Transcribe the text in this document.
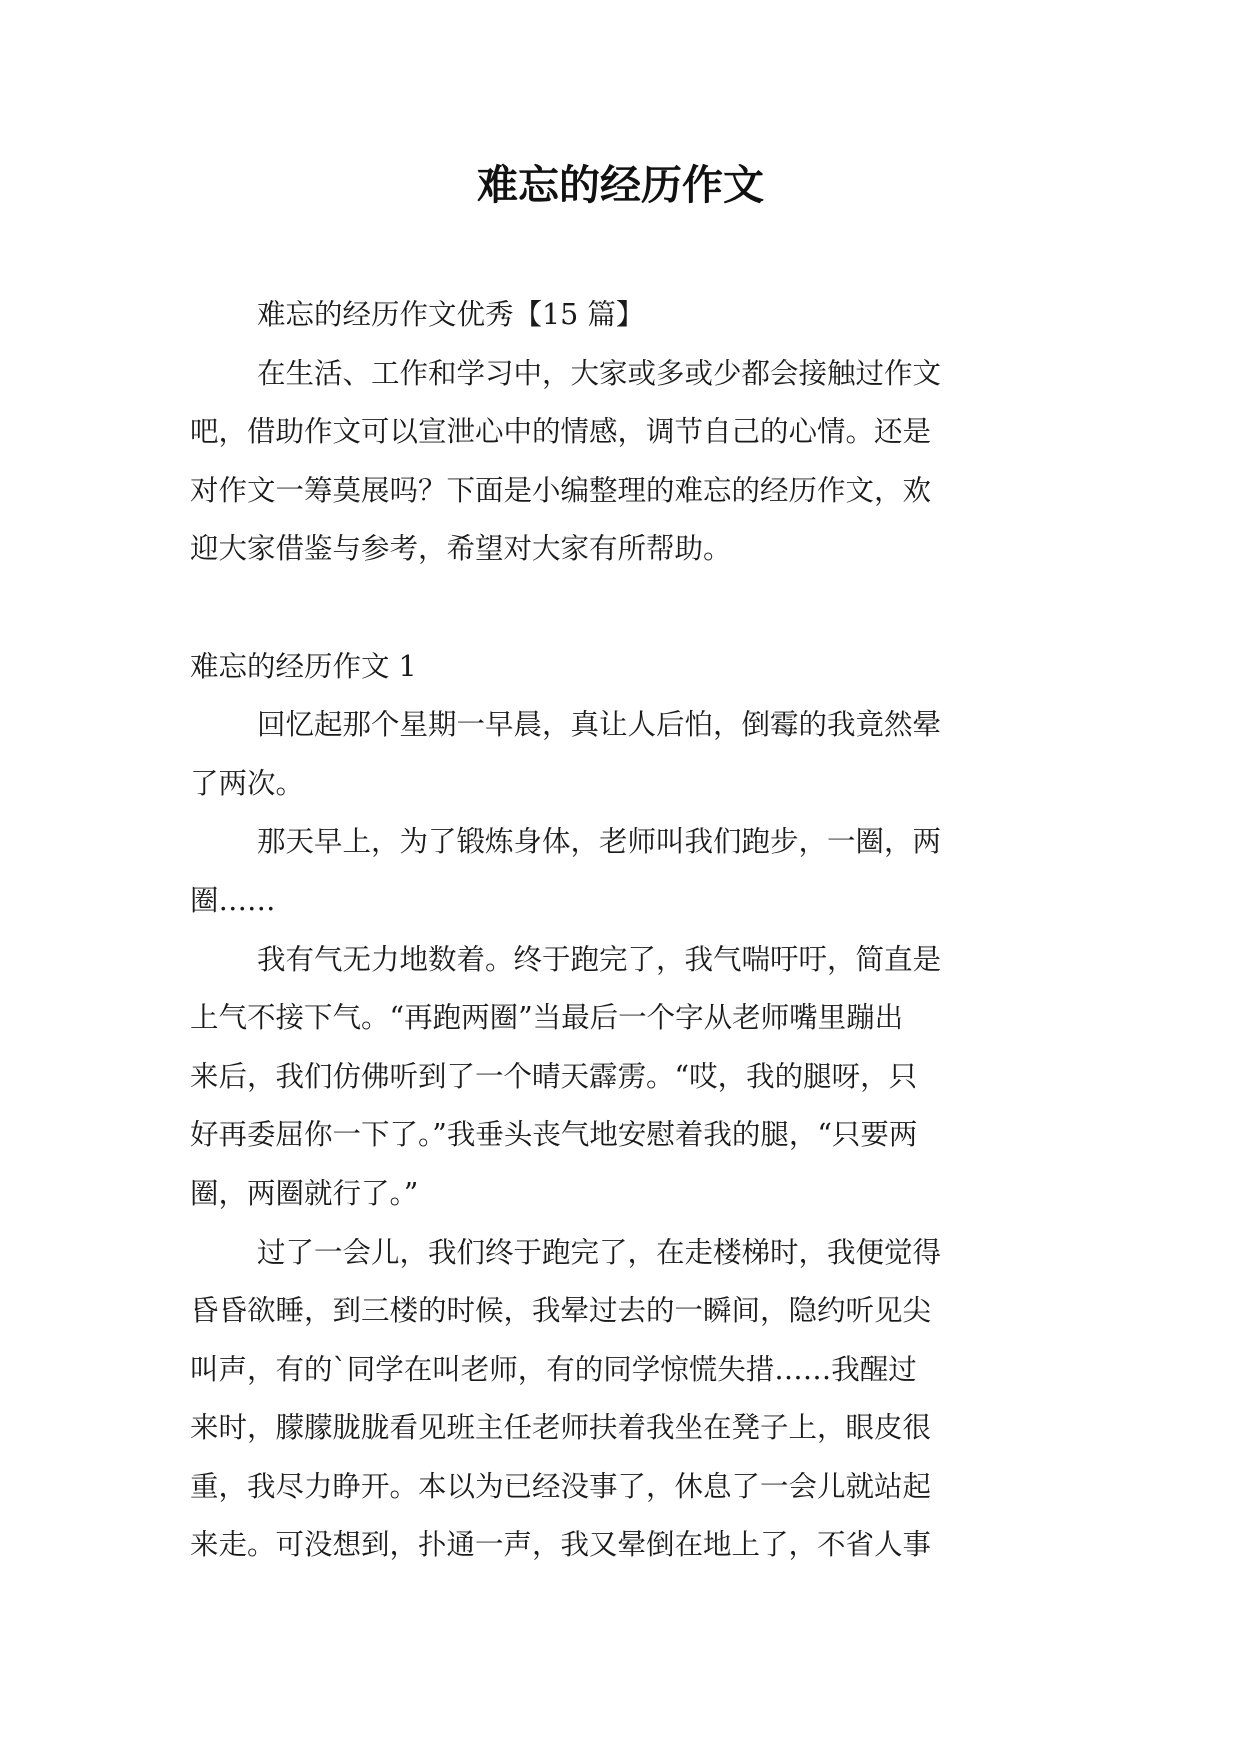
难忘的经历作文
难忘的经历作文优秀【15 篇】
在生活、工作和学习中，大家或多或少都会接触过作文
吧，借助作文可以宣泄心中的情感，调节自己的心情。还是
对作文一筹莫展吗？下面是小编整理的难忘的经历作文，欢
迎大家借鉴与参考，希望对大家有所帮助。
难忘的经历作文 1
回忆起那个星期一早晨，真让人后怕，倒霉的我竟然晕
了两次。
那天早上，为了锻炼身体，老师叫我们跑步，一圈，两
圈……
我有气无力地数着。终于跑完了，我气喘吁吁，简直是
上气不接下气。“再跑两圈”当最后一个字从老师嘴里蹦出
来后，我们仿佛听到了一个晴天霹雳。“哎，我的腿呀，只
好再委屈你一下了。”我垂头丧气地安慰着我的腿，“只要两
圈，两圈就行了。”
过了一会儿，我们终于跑完了，在走楼梯时，我便觉得
昏昏欲睡，到三楼的时候，我晕过去的一瞬间，隐约听见尖
叫声，有的`同学在叫老师，有的同学惊慌失措……我醒过
来时，朦朦胧胧看见班主任老师扶着我坐在凳子上，眼皮很
重，我尽力睁开。本以为已经没事了，休息了一会儿就站起
来走。可没想到，扑通一声，我又晕倒在地上了，不省人事
